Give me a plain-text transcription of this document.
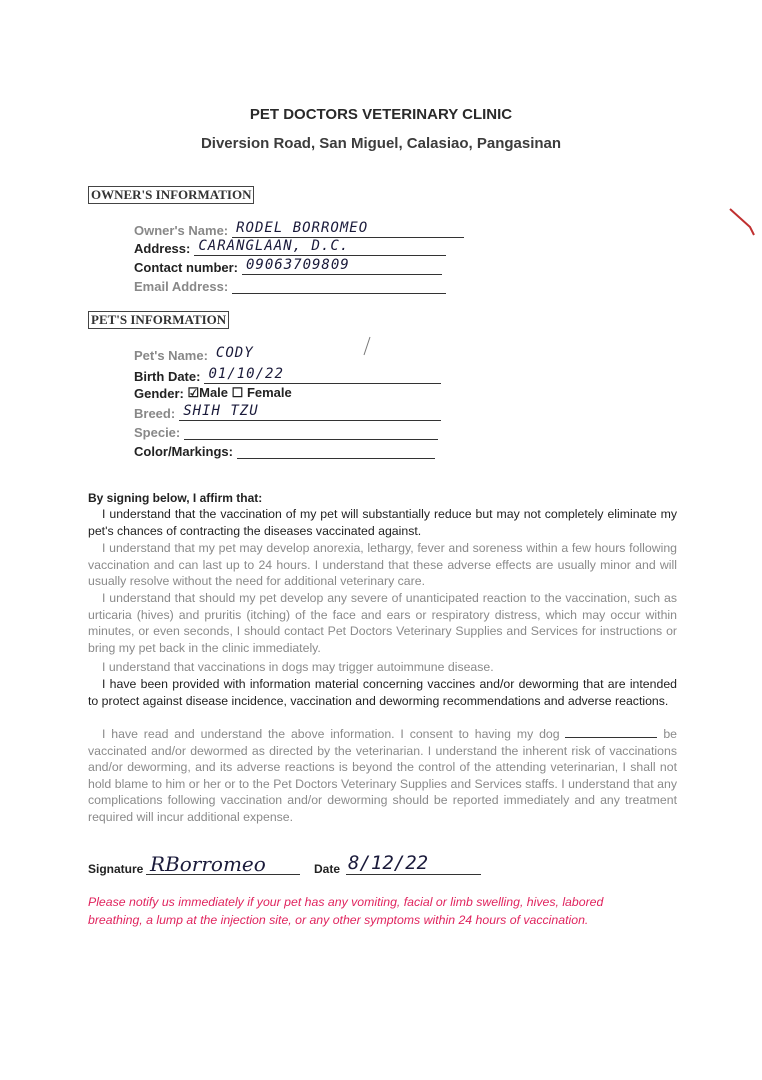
PET DOCTORS VETERINARY CLINIC
Diversion Road, San Miguel, Calasiao, Pangasinan
OWNER'S INFORMATION
Owner's Name: RODEL BORROMEO
Address: CARANGLAAN, D.C.
Contact number: 09063709809
Email Address:
PET'S INFORMATION
Pet's Name: CODY
Birth Date: 01/10/22
Gender: ☑Male ☐ Female
Breed: SHIH TZU
Specie:
Color/Markings:
By signing below, I affirm that:

I understand that the vaccination of my pet will substantially reduce but may not completely eliminate my pet's chances of contracting the diseases vaccinated against.

I understand that my pet may develop anorexia, lethargy, fever and soreness within a few hours following vaccination and can last up to 24 hours. I understand that these adverse effects are usually minor and will usually resolve without the need for additional veterinary care.

I understand that should my pet develop any severe of unanticipated reaction to the vaccination, such as urticaria (hives) and pruritis (itching) of the face and ears or respiratory distress, which may occur within minutes, or even seconds, I should contact Pet Doctors Veterinary Supplies and Services for instructions or bring my pet back in the clinic immediately.

I understand that vaccinations in dogs may trigger autoimmune disease.

I have been provided with information material concerning vaccines and/or deworming that are intended to protect against disease incidence, vaccination and deworming recommendations and adverse reactions.

I have read and understand the above information. I consent to having my dog	be vaccinated and/or dewormed as directed by the veterinarian. I understand the inherent risk of vaccinations and/or deworming, and its adverse reactions is beyond the control of the attending veterinarian, I shall not hold blame to him or her or to the Pet Doctors Veterinary Supplies and Services staffs. I understand that any complications following vaccination and/or deworming should be reported immediately and any treatment required will incur additional expense.

Signature RBorromeo	Date 8/12/22

Please notify us immediately if your pet has any vomiting, facial or limb swelling, hives, labored breathing, a lump at the injection site, or any other symptoms within 24 hours of vaccination.
